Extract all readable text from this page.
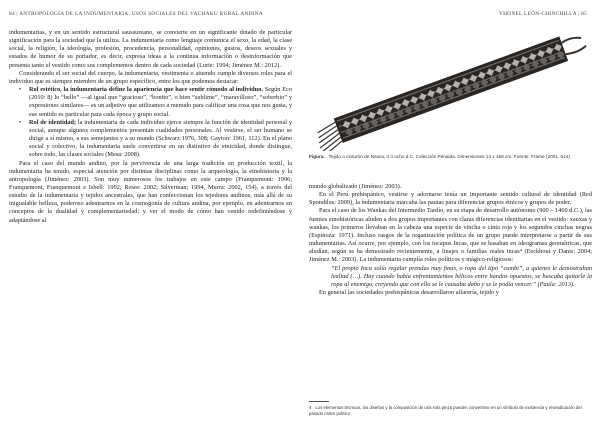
84 | ANTROPOLOGÍA DE LA INDUMENTARIA: USOS SOCIALES DEL VACHAKU RURAL ANDINA	YHONEL LEÓN-CHINCHILLA | 85

indumentarias, y en un sentido estructural saussureano, se convierte en un significante dotado de particular significación para la sociedad que la utiliza. La indumentaria como lenguaje comunica el sexo, la edad, la clase social, la religión, la ideología, profesión, procedencia, personalidad, opiniones, gustos, deseos sexuales y estados de humor de su portador, es decir, expresa ideas a la continua información o desinformación que presenta tanto el vestido como sus complementos dentro de cada sociedad (Lurie: 1994; Jiménez M.: 2012).

Considerando el ser social del cuerpo, la indumentaria, vestimenta o atuendo cumple diversos roles para el individuo que es siempre miembro de un grupo específico, entre los que podemos destacar:

• Rol estético, la indumentaria define la apariencia que hace sentir cómodo al individuo. Según Eco (2010: 8) lo “bello” —al igual que “gracioso”, “bonito”, o bien “sublime”, “maravilloso”, “soberbio” y expresiones similares— es un adjetivo que utilizamos a menudo para calificar una cosa que nos gusta, y ese sentido es particular para cada época y grupo social.
• Rol de identidad; la indumentaria de cada individuo ejerce siempre la función de identidad personal y social, aunque algunos complementos presentan cualidades personales. Al vestirse, el ser humano se dirige a sí mismo, a sus semejantes y a su mundo (Schwarz:1976, 308; Gayton: 1961, 112). En el plano social y colectivo, la indumentaria suele convertirse en un distintivo de etnicidad, donde distingue, sobre todo, las clases sociales (Mesa: 2008).

Para el caso del mundo andino, por la pervivencia de una larga tradición en producción textil, la indumentaria ha tenido, especial atención por distintas disciplinas como la arqueología, la etnohistoria y la antropología (Jiménez: 2003). Son muy numerosos los trabajos en este campo (Franquemont: 1996; Franquemont, Franquemont e Isbell: 1992; Rowe: 2002; Silverman; 1994, Murra: 2002, 154), a través del estudio de la indumentaria y tejidos ancestrales, que han confeccionan los tejedores andinos, más allá de su inigualable belleza, poderoso adentrarnos en la cosmogonía de cultura andina, por ejemplo, en adentrarnos en conceptos de la dualidad y complementariedad; y ver el modo de cómo han venido redefiniéndose y adaptándose al

Figura. Tejido o cinturón de Nasca, 4 ó ocho d.C. Colección Pénaida. Dimensiones 14 x 168 cm. Fuente: Frame (2001, 514)

mundo globalizado (Jiménez: 2003).

En el Perú prehispánico, vestirse y adornarse tenía un importante sentido cultural de identidad (Red Spondilus: 2009), la indumentaria marcaba las pautas para diferenciar grupos étnicos y grupos de poder.

Para el caso de los Wankas del Intermedio Tardío, en su etapa de desarrollo autónomo (900 – 1460 d.C.), las fuentes etnohistóricas aluden a dos grupos importantes con claras diferencias identitarias en el vestido: xauxas y wankas, los primeros llevaban en la cabeza una especie de vincha o cinta roja y los segundos cinchas negras (Espinoza: 1971). Incluso rasgos de la organización política de un grupo puede interpretarse a partir de sus indumentarias. Así ocurre, por ejemplo, con los tocapus Incas, que se basaban en ideogramas geométricas, que aludían, según se ha demostrado recientemente, a linajes o familias reales incas⁴ (Eeckhout y Danis: 2004; Jiménez M.: 2003). La indumentaria cumplía roles políticos y mágico-religiosos:

“El propio Inca solía regalar prendas muy finas, o ropa del tipo “cumbi”, a quienes le demostraban lealtad (…). Hay cuando había enfrentamientos bélicos entre bandos opuestos, se buscaba quitarle la ropa al enemigo, creyendo que con ello se le causaba daño y se le podía vencer.” (Paula: 2013).

En general las sociedades prehispánicas desarrollaron alfarería, tejido y

4 Los elementos técnicos, los diseños y la composición de una sola pieza pueden convertirse en un símbolo de existencia y reivindicación del pasado orden político
